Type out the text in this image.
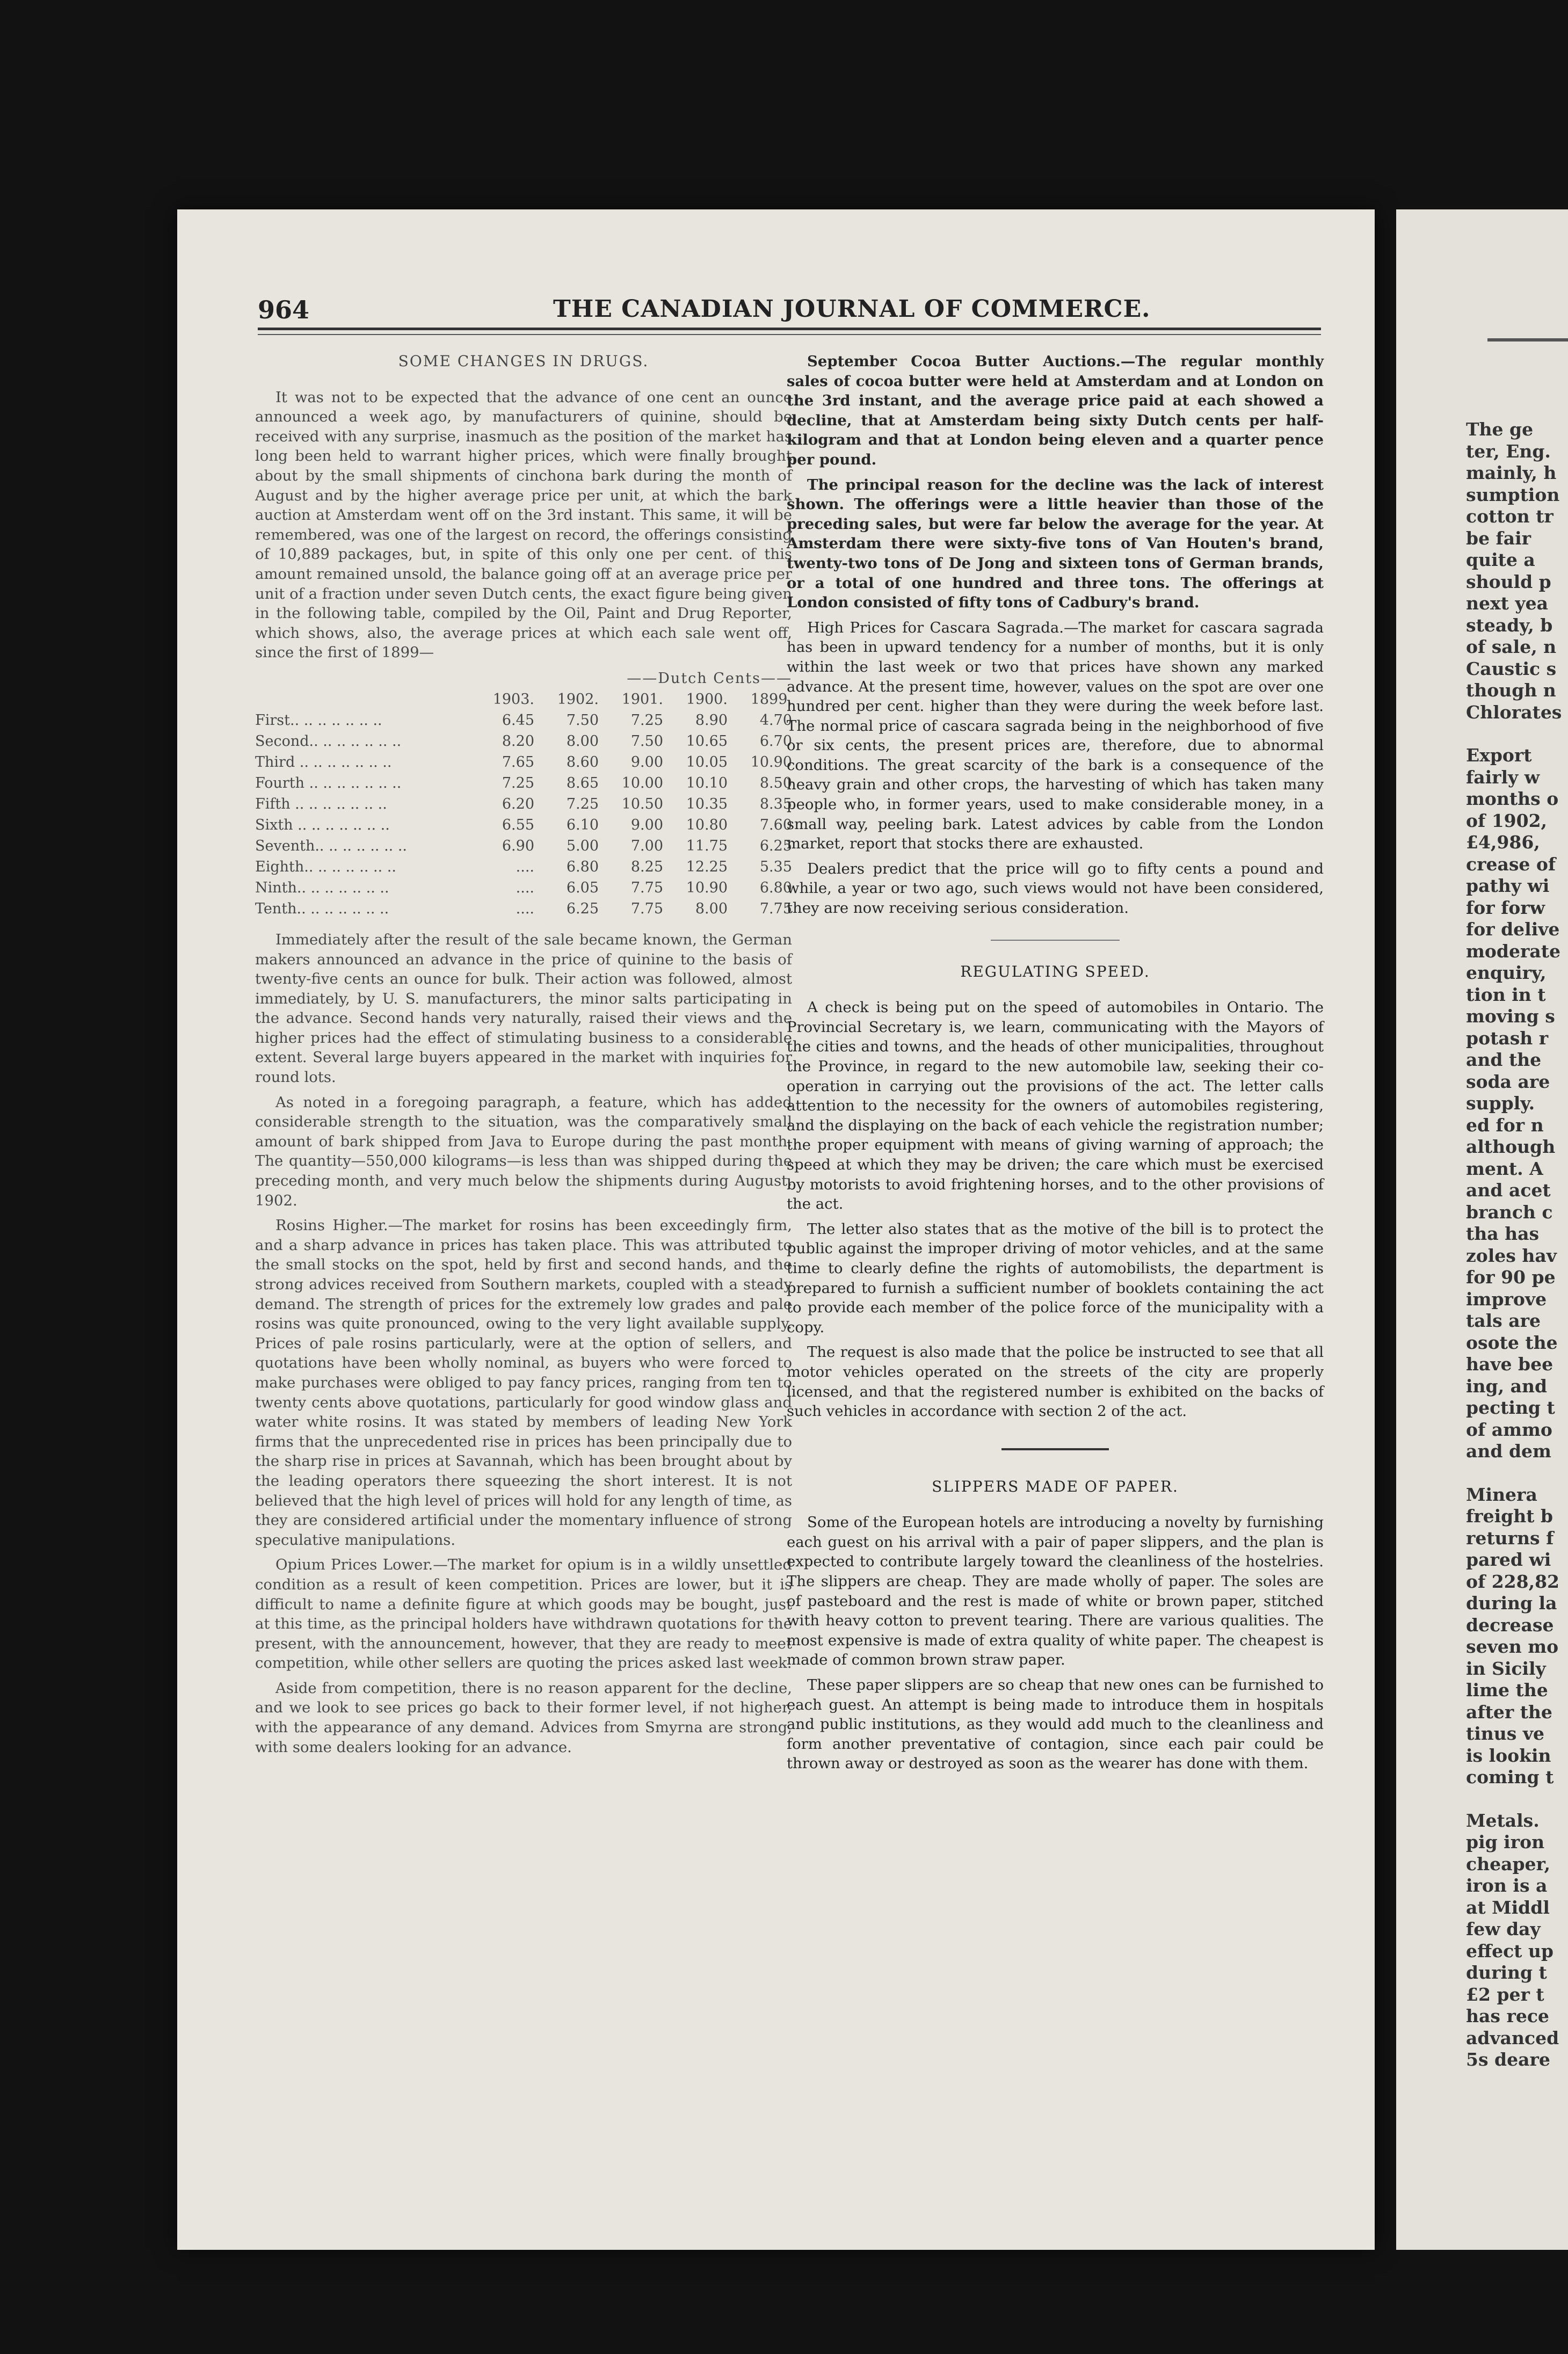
964	THE CANADIAN JOURNAL OF COMMERCE.
SOME CHANGES IN DRUGS.

It was not to be expected that the advance of one cent an ounce announced a week ago, by manufacturers of quinine, should be received with any surprise, inasmuch as the position of the market has long been held to warrant higher prices, which were finally brought about by the small shipments of cinchona bark during the month of August and by the higher average price per unit, at which the bark auction at Amsterdam went off on the 3rd instant. This same, it will be remembered, was one of the largest on record, the offerings consisting of 10,889 packages, but, in spite of this only one per cent. of this amount remained unsold, the balance going off at an average price per unit of a fraction under seven Dutch cents, the exact figure being given in the following table, compiled by the Oil, Paint and Drug Reporter, which shows, also, the average prices at which each sale went off, since the first of 1899—

	——Dutch Cents——				
	1903.	1902.	1901.	1900.	1899.
First.. .. .. .. .. .. ..	6.45	7.50	7.25	8.90	4.70
Second.. .. .. .. .. .. ..	8.20	8.00	7.50	10.65	6.70
Third .. .. .. .. .. .. ..	7.65	8.60	9.00	10.05	10.90
Fourth .. .. .. .. .. .. ..	7.25	8.65	10.00	10.10	8.50
Fifth .. .. .. .. .. .. ..	6.20	7.25	10.50	10.35	8.35
Sixth .. .. .. .. .. .. ..	6.55	6.10	9.00	10.80	7.60
Seventh.. .. .. .. .. .. ..	6.90	5.00	7.00	11.75	6.25
Eighth.. .. .. .. .. .. ..	....	6.80	8.25	12.25	5.35
Ninth.. .. .. .. .. .. ..	....	6.05	7.75	10.90	6.80
Tenth.. .. .. .. .. .. ..	....	6.25	7.75	8.00	7.75

Immediately after the result of the sale became known, the German makers announced an advance in the price of quinine to the basis of twenty-five cents an ounce for bulk. Their action was followed, almost immediately, by U. S. manufacturers, the minor salts participating in the advance. Second hands very naturally, raised their views and the higher prices had the effect of stimulating business to a considerable extent. Several large buyers appeared in the market with inquiries for round lots.

As noted in a foregoing paragraph, a feature, which has added considerable strength to the situation, was the comparatively small amount of bark shipped from Java to Europe during the past month. The quantity—550,000 kilograms—is less than was shipped during the preceding month, and very much below the shipments during August, 1902.

Rosins Higher.—The market for rosins has been exceedingly firm, and a sharp advance in prices has taken place. This was attributed to the small stocks on the spot, held by first and second hands, and the strong advices received from Southern markets, coupled with a steady demand. The strength of prices for the extremely low grades and pale rosins was quite pronounced, owing to the very light available supply. Prices of pale rosins particularly, were at the option of sellers, and quotations have been wholly nominal, as buyers who were forced to make purchases were obliged to pay fancy prices, ranging from ten to twenty cents above quotations, particularly for good window glass and water white rosins. It was stated by members of leading New York firms that the unprecedented rise in prices has been principally due to the sharp rise in prices at Savannah, which has been brought about by the leading operators there squeezing the short interest. It is not believed that the high level of prices will hold for any length of time, as they are considered artificial under the momentary influence of strong speculative manipulations.

Opium Prices Lower.—The market for opium is in a wildly unsettled condition as a result of keen competition. Prices are lower, but it is difficult to name a definite figure at which goods may be bought, just at this time, as the principal holders have withdrawn quotations for the present, with the announcement, however, that they are ready to meet competition, while other sellers are quoting the prices asked last week.

Aside from competition, there is no reason apparent for the decline, and we look to see prices go back to their former level, if not higher, with the appearance of any demand. Advices from Smyrna are strong, with some dealers looking for an advance.

September Cocoa Butter Auctions.—The regular monthly sales of cocoa butter were held at Amsterdam and at London on the 3rd instant, and the average price paid at each showed a decline, that at Amsterdam being sixty Dutch cents per half-kilogram and that at London being eleven and a quarter pence per pound.

The principal reason for the decline was the lack of interest shown. The offerings were a little heavier than those of the preceding sales, but were far below the average for the year. At Amsterdam there were sixty-five tons of Van Houten's brand, twenty-two tons of De Jong and sixteen tons of German brands, or a total of one hundred and three tons. The offerings at London consisted of fifty tons of Cadbury's brand.

High Prices for Cascara Sagrada.—The market for cascara sagrada has been in upward tendency for a number of months, but it is only within the last week or two that prices have shown any marked advance. At the present time, however, values on the spot are over one hundred per cent. higher than they were during the week before last. The normal price of cascara sagrada being in the neighborhood of five or six cents, the present prices are, therefore, due to abnormal conditions. The great scarcity of the bark is a consequence of the heavy grain and other crops, the harvesting of which has taken many people who, in former years, used to make considerable money, in a small way, peeling bark. Latest advices by cable from the London market, report that stocks there are exhausted.

Dealers predict that the price will go to fifty cents a pound and while, a year or two ago, such views would not have been considered, they are now receiving serious consideration.

REGULATING SPEED.

A check is being put on the speed of automobiles in Ontario. The Provincial Secretary is, we learn, communicating with the Mayors of the cities and towns, and the heads of other municipalities, throughout the Province, in regard to the new automobile law, seeking their co-operation in carrying out the provisions of the act. The letter calls attention to the necessity for the owners of automobiles registering, and the displaying on the back of each vehicle the registration number; the proper equipment with means of giving warning of approach; the speed at which they may be driven; the care which must be exercised by motorists to avoid frightening horses, and to the other provisions of the act.

The letter also states that as the motive of the bill is to protect the public against the improper driving of motor vehicles, and at the same time to clearly define the rights of automobilists, the department is prepared to furnish a sufficient number of booklets containing the act to provide each member of the police force of the municipality with a copy.

The request is also made that the police be instructed to see that all motor vehicles operated on the streets of the city are properly licensed, and that the registered number is exhibited on the backs of such vehicles in accordance with section 2 of the act.

SLIPPERS MADE OF PAPER.

Some of the European hotels are introducing a novelty by furnishing each guest on his arrival with a pair of paper slippers, and the plan is expected to contribute largely toward the cleanliness of the hostelries. The slippers are cheap. They are made wholly of paper. The soles are of pasteboard and the rest is made of white or brown paper, stitched with heavy cotton to prevent tearing. There are various qualities. The most expensive is made of extra quality of white paper. The cheapest is made of common brown straw paper.

These paper slippers are so cheap that new ones can be furnished to each guest. An attempt is being made to introduce them in hospitals and public institutions, as they would add much to the cleanliness and form another preventative of contagion, since each pair could be thrown away or destroyed as soon as the wearer has done with them.

The ge
ter, Eng.
mainly, h
sumption
cotton tr
be fair
quite a
should p
next yea
steady, b
of sale, n
Caustic s
though n
Chlorates
Export
fairly w
months o
of 1902,
£4,986,
crease of
pathy wi
for forw
for delive
moderate
enquiry,
tion in t
moving s
potash r
and the
soda are
supply.
ed for n
although
ment. A
and acet
branch c
tha has
zoles hav
for 90 pe
improve
tals are
osote the
have bee
ing, and
pecting t
of ammo
and dem
Minera
freight b
returns f
pared wi
of 228,82
during la
decrease
seven mo
in Sicily
lime the
after the
tinus ve
is lookin
coming t
Metals.
pig iron
cheaper,
iron is a
at Middl
few day
effect up
during t
£2 per t
has rece
advanced
5s deare
